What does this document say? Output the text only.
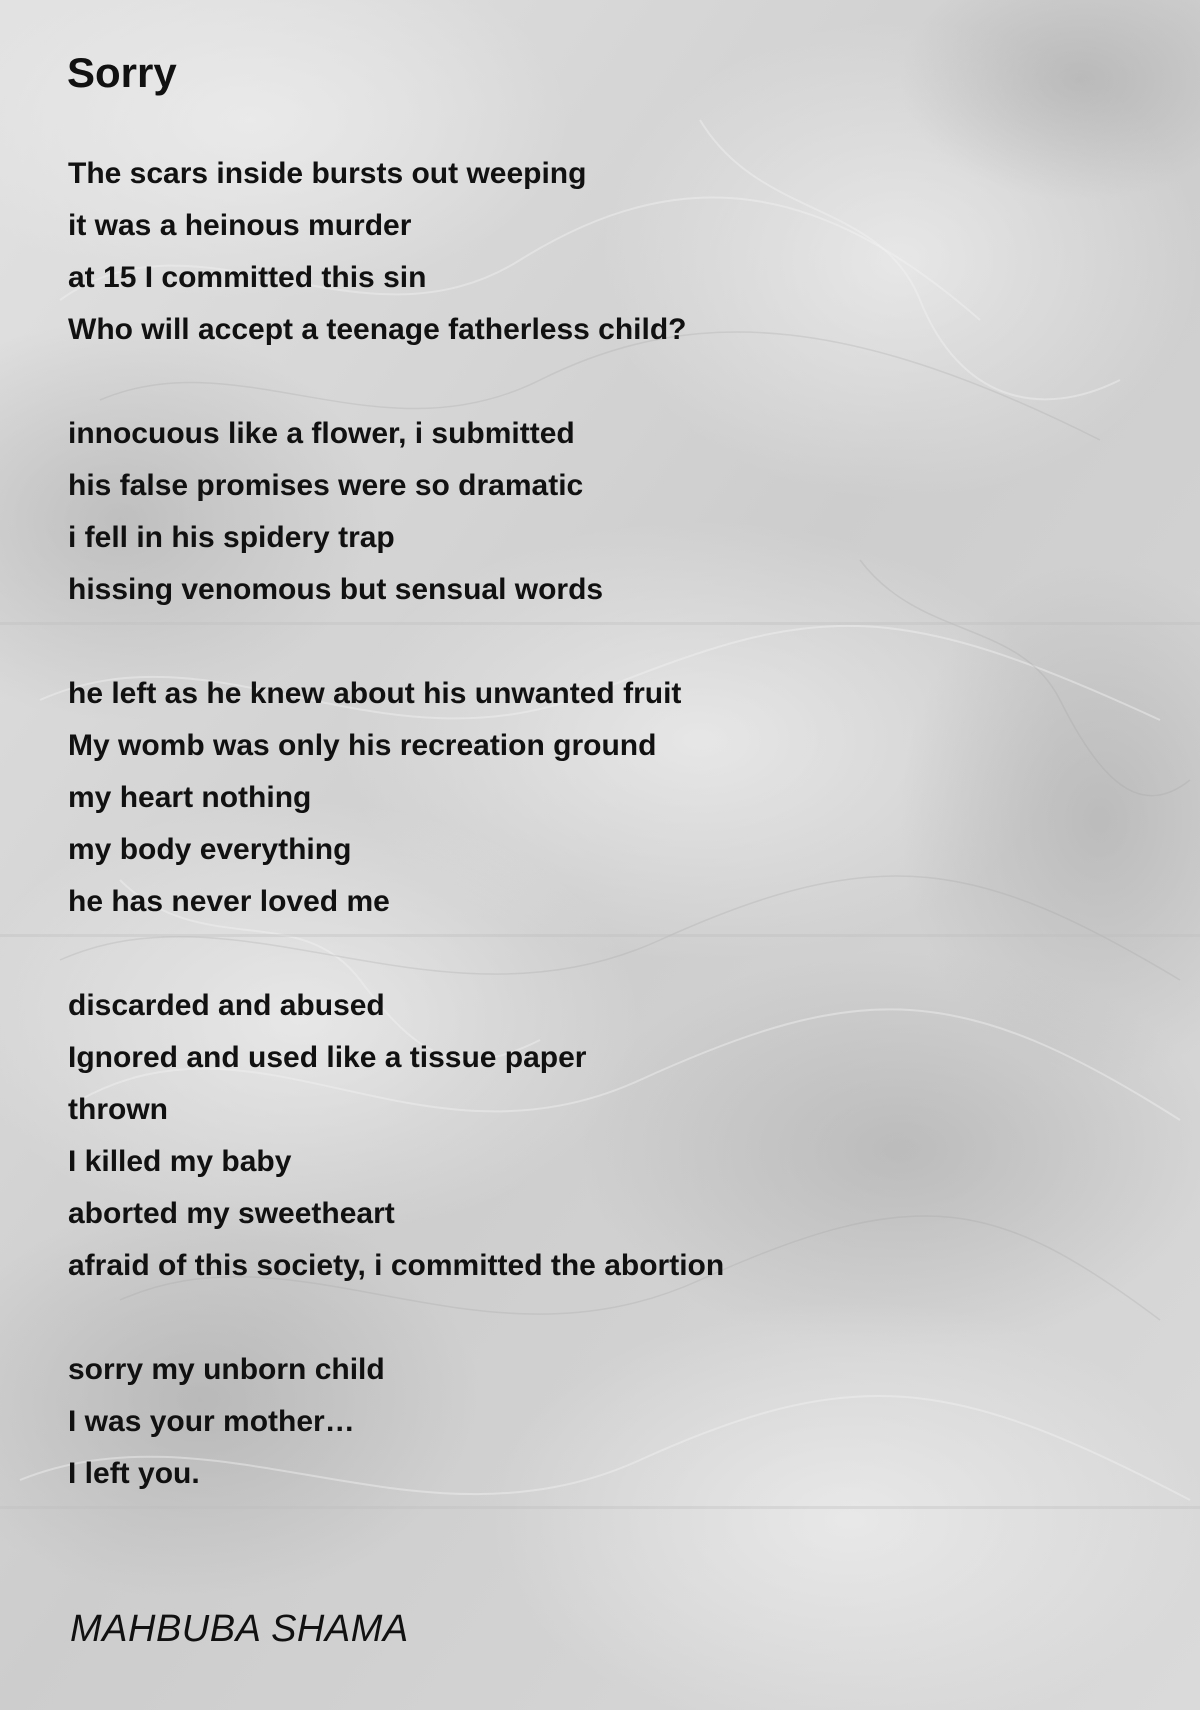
Sorry
The scars inside bursts out weeping
it was a heinous murder
at 15 I committed this sin
Who will accept a teenage fatherless child?
innocuous like a flower, i submitted
his false promises were so dramatic
i fell in his spidery trap
hissing venomous but sensual words
he left as he knew about his unwanted fruit
My womb was only his recreation ground
my heart nothing
my body everything
he has never loved me
discarded and abused
Ignored and used like a tissue paper
thrown
I killed my baby
aborted my sweetheart
afraid of this society, i committed the abortion
sorry my unborn child
I was your mother…
I left you.

MAHBUBA SHAMA
